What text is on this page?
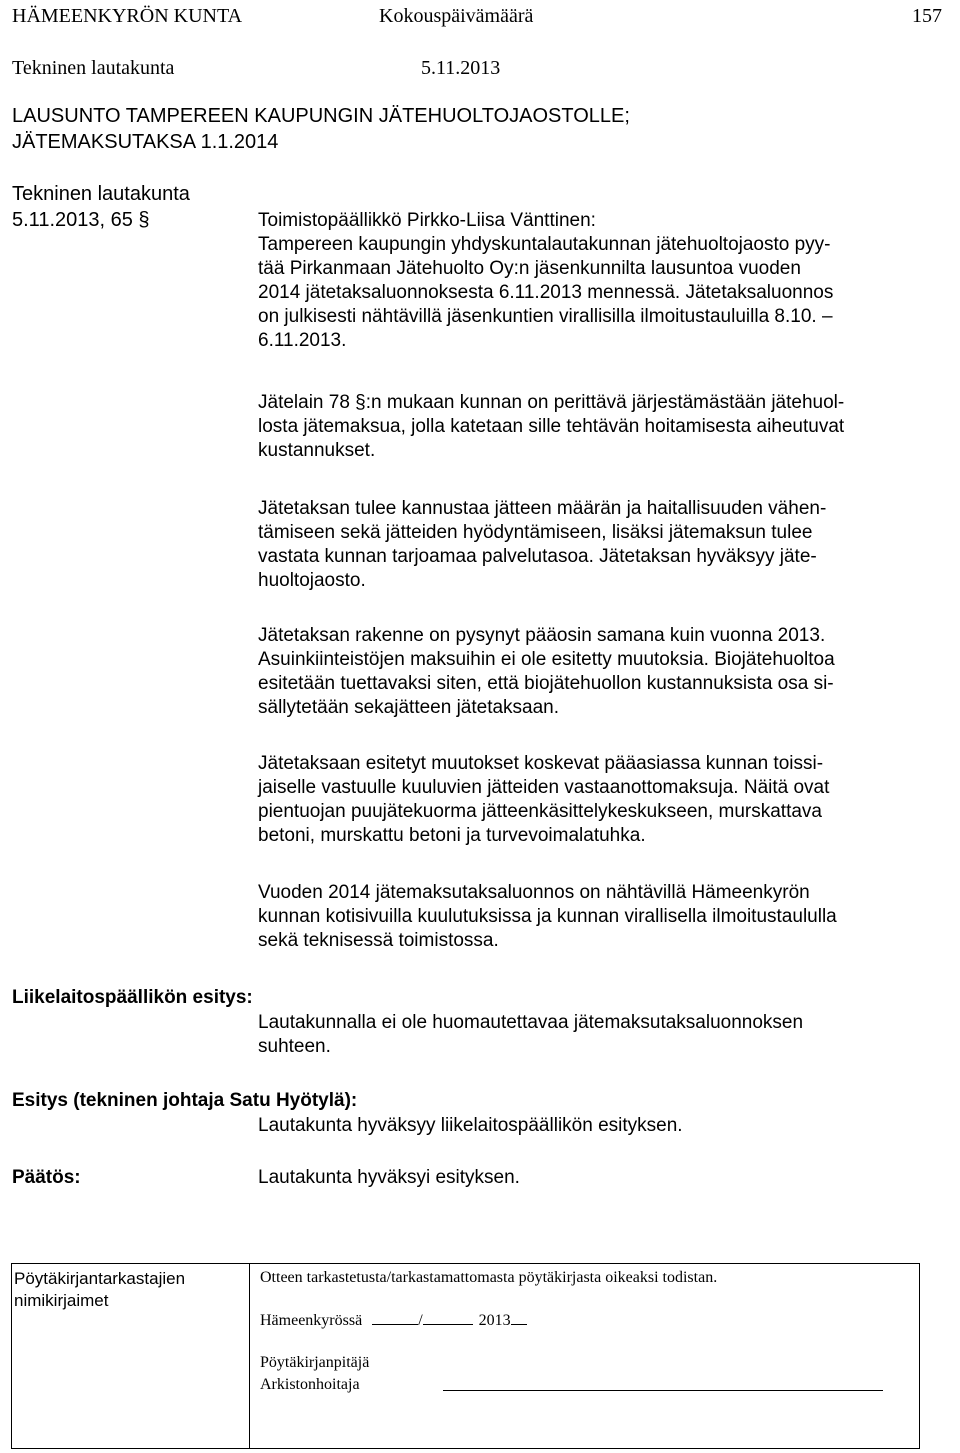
HÄMEENKYRÖN KUNTA	Kokouspäivämäärä	157
Tekninen lautakunta	5.11.2013
LAUSUNTO TAMPEREEN KAUPUNGIN JÄTEHUOLTOJAOSTOLLE;
JÄTEMAKSUTAKSA 1.1.2014
Tekninen lautakunta
5.11.2013, 65 §	Toimistopäällikkö Pirkko-Liisa Vänttinen:
Tampereen kaupungin yhdyskuntalautakunnan jätehuoltojaosto pyy-
tää Pirkanmaan Jätehuolto Oy:n jäsenkunnilta lausuntoa vuoden
2014 jätetaksaluonnoksesta 6.11.2013 mennessä. Jätetaksaluonnos
on julkisesti nähtävillä jäsenkuntien virallisilla ilmoitustauluilla 8.10. –
6.11.2013.
Jätelain 78 §:n mukaan kunnan on perittävä järjestämästään jätehuol-
losta jätemaksua, jolla katetaan sille tehtävän hoitamisesta aiheutuvat
kustannukset.
Jätetaksan tulee kannustaa jätteen määrän ja haitallisuuden vähen-
tämiseen sekä jätteiden hyödyntämiseen, lisäksi jätemaksun tulee
vastata kunnan tarjoamaa palvelutasoa. Jätetaksan hyväksyy jäte-
huoltojaosto.
Jätetaksan rakenne on pysynyt pääosin samana kuin vuonna 2013.
Asuinkiinteistöjen maksuihin ei ole esitetty muutoksia. Biojätehuoltoa
esitetään tuettavaksi siten, että biojätehuollon kustannuksista osa si-
sällytetään sekajätteen jätetaksaan.
Jätetaksaan esitetyt muutokset koskevat pääasiassa kunnan toissi-
jaiselle vastuulle kuuluvien jätteiden vastaanottomaksuja. Näitä ovat
pientuojan puujätekuorma jätteenkäsittelykeskukseen, murskattava
betoni, murskattu betoni ja turvevoimalatuhka.
Vuoden 2014 jätemaksutaksaluonnos on nähtävillä Hämeenkyrön
kunnan kotisivuilla kuulutuksissa ja kunnan virallisella ilmoitustaululla
sekä teknisessä toimistossa.
Liikelaitospäällikön esitys:
Lautakunnalla ei ole huomautettavaa jätemaksutaksaluonnoksen
suhteen.
Esitys (tekninen johtaja Satu Hyötylä):
Lautakunta hyväksyy liikelaitospäällikön esityksen.
Päätös:	Lautakunta hyväksyi esityksen.
Pöytäkirjantarkastajien
nimikirjaimet
Otteen tarkastetusta/tarkastamattomasta pöytäkirjasta oikeaksi todistan.
Hämeenkyrössä	/	2013
Pöytäkirjanpitäjä
Arkistonhoitaja
